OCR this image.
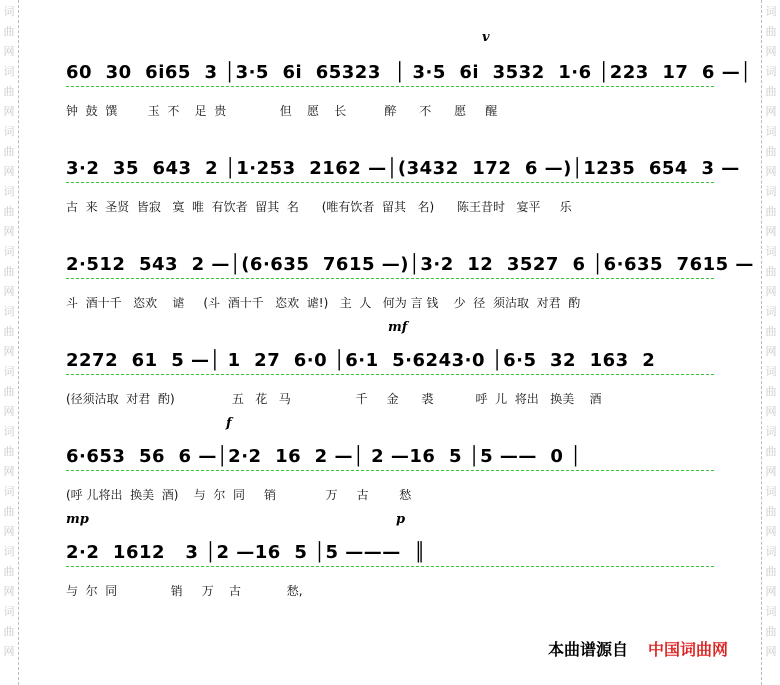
词
曲
网
词
曲
网
词
曲
网
词
曲
网
词
曲
网
词
曲
网
词
曲
网
词
曲
网
词
曲
网
词
曲
网
词
曲
网
词
曲
网
词
曲
网
词
曲
网
词
曲
网
词
曲
网
词
曲
网
词
曲
网
词
曲
网
词
曲
网
词
曲
网
词
曲
网
60  30  6i65  3 │3·5  6i  65323  │ 3·5  6i  3532  1·6 │223  17  6 —│
钟  鼓  馔        玉  不    足  贵              但    愿    长          醉      不      愿     醒
v
3·2  35  643  2 │1·253  2162 —│(3432  172  6 —)│1235  654  3 —
古  来  圣贤  皆寂   寞  唯  有饮者  留其  名      (唯有饮者  留其   名)      陈王昔时   宴平     乐
2·512  543  2 —│(6·635  7615 —)│3·2  12  3527  6 │6·635  7615 —
斗  酒十千   恣欢    谑     (斗  酒十千   恣欢  谑!)   主  人   何为 言 钱    少  径  须沽取  对君  酌
2272  61  5 —│ 1  27  6·0 │6·1  5·6243·0 │6·5  32  163  2
(径须沽取  对君  酌)               五   花   马                 千     金      裘           呼  儿  将出   换美    酒
mf
6·653  56  6 —│2·2  16  2 —│ 2 —16  5 │5 ——  0 │
(呼 儿将出  换美  酒)    与  尔  同     销             万     古        愁
f
2·2  1612   3 │2 —16  5 │5 ———  ║
与  尔  同              销     万    古            愁,
mp	p
本曲谱源自 中国词曲网
